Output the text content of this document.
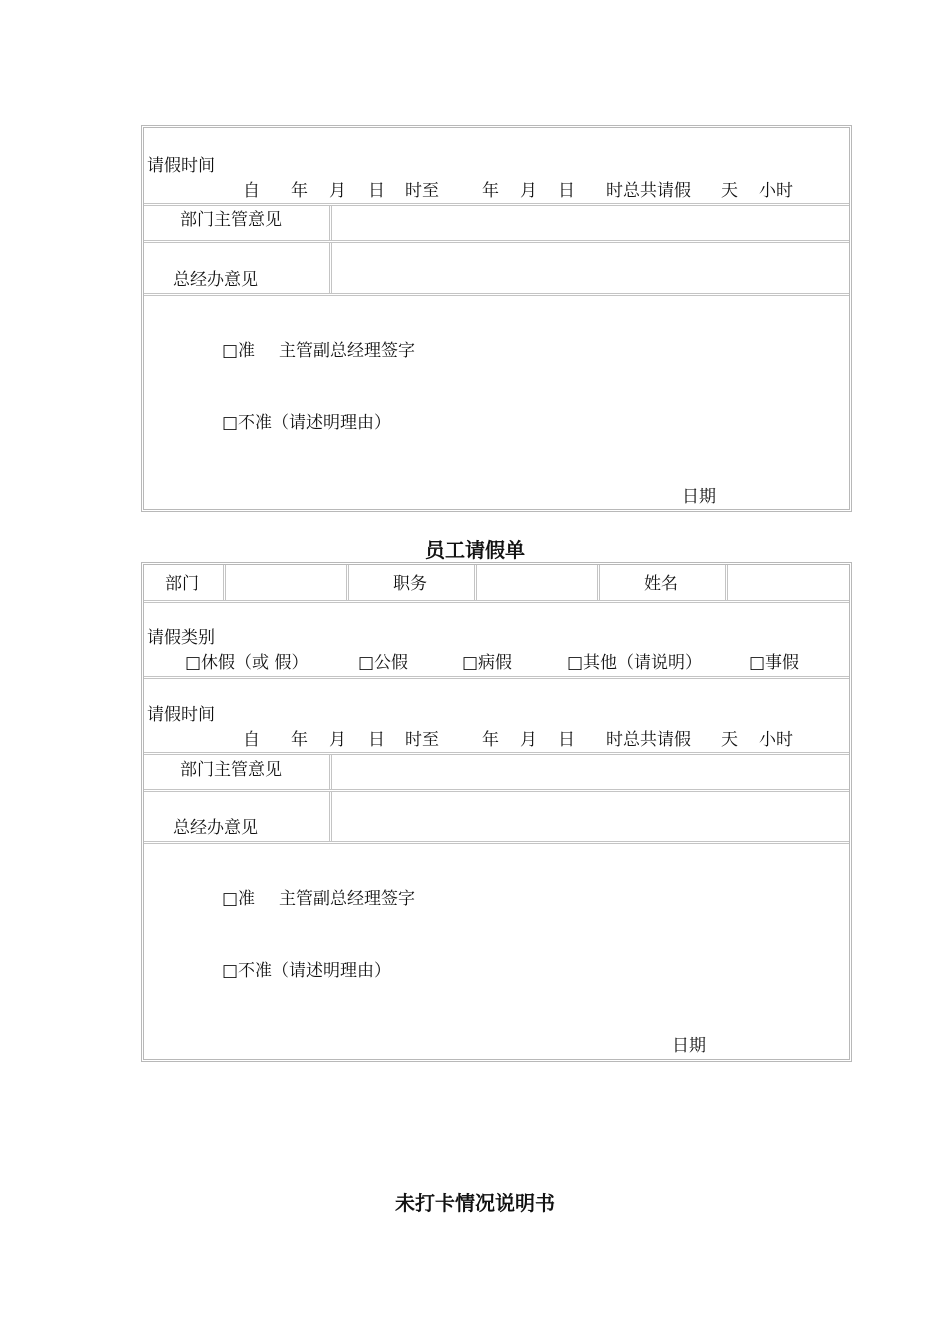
请假时间
自 年 月 日 时至	年 月 日 时总共请假 天 小时
部门主管意见
总经办意见
□准 主管副总经理签字
□不准（请述明理由）
日期
员工请假单
部门	职务	姓名
请假类别
□休假（或 假）	□公假	□病假	□其他（请说明）	□事假
请假时间
自 年 月 日 时至	年 月 日 时总共请假 天 小时
部门主管意见
总经办意见
□准 主管副总经理签字
□不准（请述明理由）
日期
未打卡情况说明书
